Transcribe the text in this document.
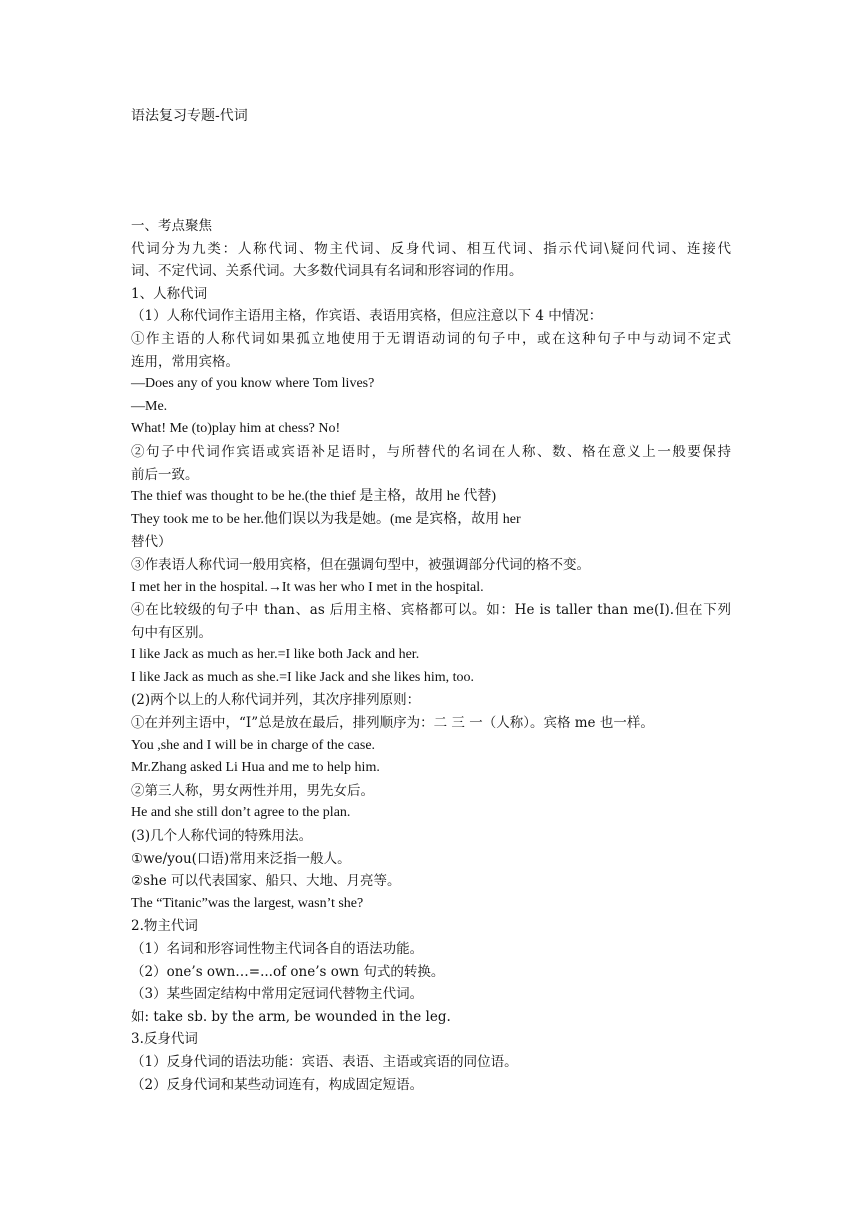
语法复习专题-代词
一、考点聚焦
代词分为九类：人称代词、物主代词、反身代词、相互代词、指示代词\疑问代词、连接代
词、不定代词、关系代词。大多数代词具有名词和形容词的作用。
1、人称代词
（1）人称代词作主语用主格，作宾语、表语用宾格，但应注意以下 4 中情况：
①作主语的人称代词如果孤立地使用于无谓语动词的句子中，或在这种句子中与动词不定式
连用，常用宾格。
—Does any of you know where Tom lives?
—Me.
What! Me (to)play him at chess? No!
②句子中代词作宾语或宾语补足语时，与所替代的名词在人称、数、格在意义上一般要保持
前后一致。
The thief was thought to be he.(the thief 是主格，故用 he 代替)
They took me to be her.他们误以为我是她。(me 是宾格，故用 her
替代）
③作表语人称代词一般用宾格，但在强调句型中，被强调部分代词的格不变。
I met her in the hospital.→It was her who I met in the hospital.
④在比较级的句子中 than、as 后用主格、宾格都可以。如：He is taller than me(I).但在下列
句中有区别。
I like Jack as much as her.=I like both Jack and her.
I like Jack as much as she.=I like Jack and she likes him, too.
(2)两个以上的人称代词并列，其次序排列原则：
①在并列主语中，“I”总是放在最后，排列顺序为：二 三 一（人称）。宾格 me 也一样。
You ,she and I will be in charge of the case.
Mr.Zhang asked Li Hua and me to help him.
②第三人称，男女两性并用，男先女后。
He and she still don’t agree to the plan.
(3)几个人称代词的特殊用法。
①we/you(口语)常用来泛指一般人。
②she 可以代表国家、船只、大地、月亮等。
The “Titanic”was the largest, wasn’t she?
2.物主代词
（1）名词和形容词性物主代词各自的语法功能。
（2）one’s own…=...of one’s own 句式的转换。
（3）某些固定结构中常用定冠词代替物主代词。
如: take sb. by the arm, be wounded in the leg.
3.反身代词
（1）反身代词的语法功能：宾语、表语、主语或宾语的同位语。
（2）反身代词和某些动词连有，构成固定短语。
